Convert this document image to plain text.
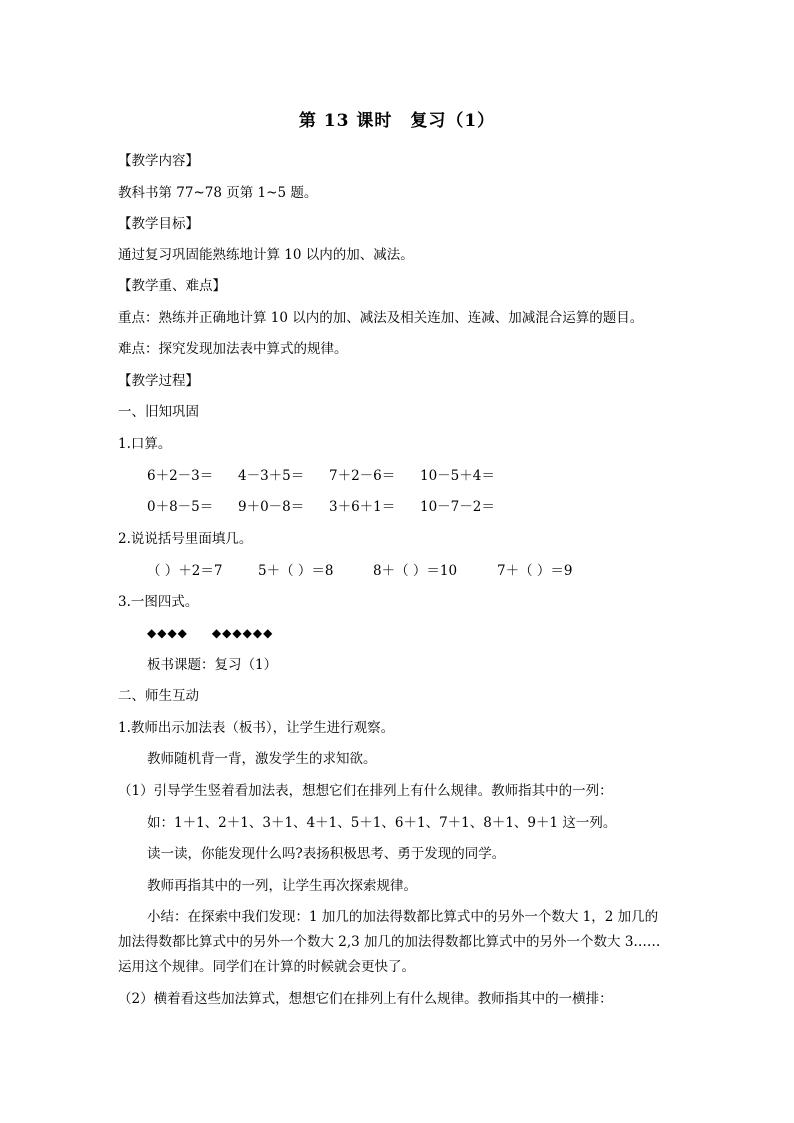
第 13 课时　复习（1）
【教学内容】
教科书第 77~78 页第 1~5 题。
【教学目标】
通过复习巩固能熟练地计算 10 以内的加、减法。
【教学重、难点】
重点：熟练并正确地计算 10 以内的加、减法及相关连加、连减、加减混合运算的题目。
难点：探究发现加法表中算式的规律。
【教学过程】
一、旧知巩固
1.口算。
6＋2－3＝ 4－3＋5＝ 7＋2－6＝ 10－5＋4＝
0＋8－5＝ 9＋0－8＝ 3＋6＋1＝ 10－7－2＝
2.说说括号里面填几。
（ ）＋2＝7	5＋（ ）＝8	8＋（ ）＝10	7＋（ ）＝9
3.一图四式。
◆◆◆◆ ◆◆◆◆◆◆
板书课题：复习（1）
二、师生互动
1.教师出示加法表（板书），让学生进行观察。
教师随机背一背，激发学生的求知欲。
（1）引导学生竖着看加法表，想想它们在排列上有什么规律。教师指其中的一列：
如：1＋1、2＋1、3＋1、4＋1、5＋1、6＋1、7＋1、8＋1、9＋1 这一列。
读一读，你能发现什么吗?表扬积极思考、勇于发现的同学。
教师再指其中的一列，让学生再次探索规律。
小结：在探索中我们发现：1 加几的加法得数都比算式中的另外一个数大 1，2 加几的
加法得数都比算式中的另外一个数大 2,3 加几的加法得数都比算式中的另外一个数大 3……
运用这个规律。同学们在计算的时候就会更快了。
（2）横着看这些加法算式，想想它们在排列上有什么规律。教师指其中的一横排：
